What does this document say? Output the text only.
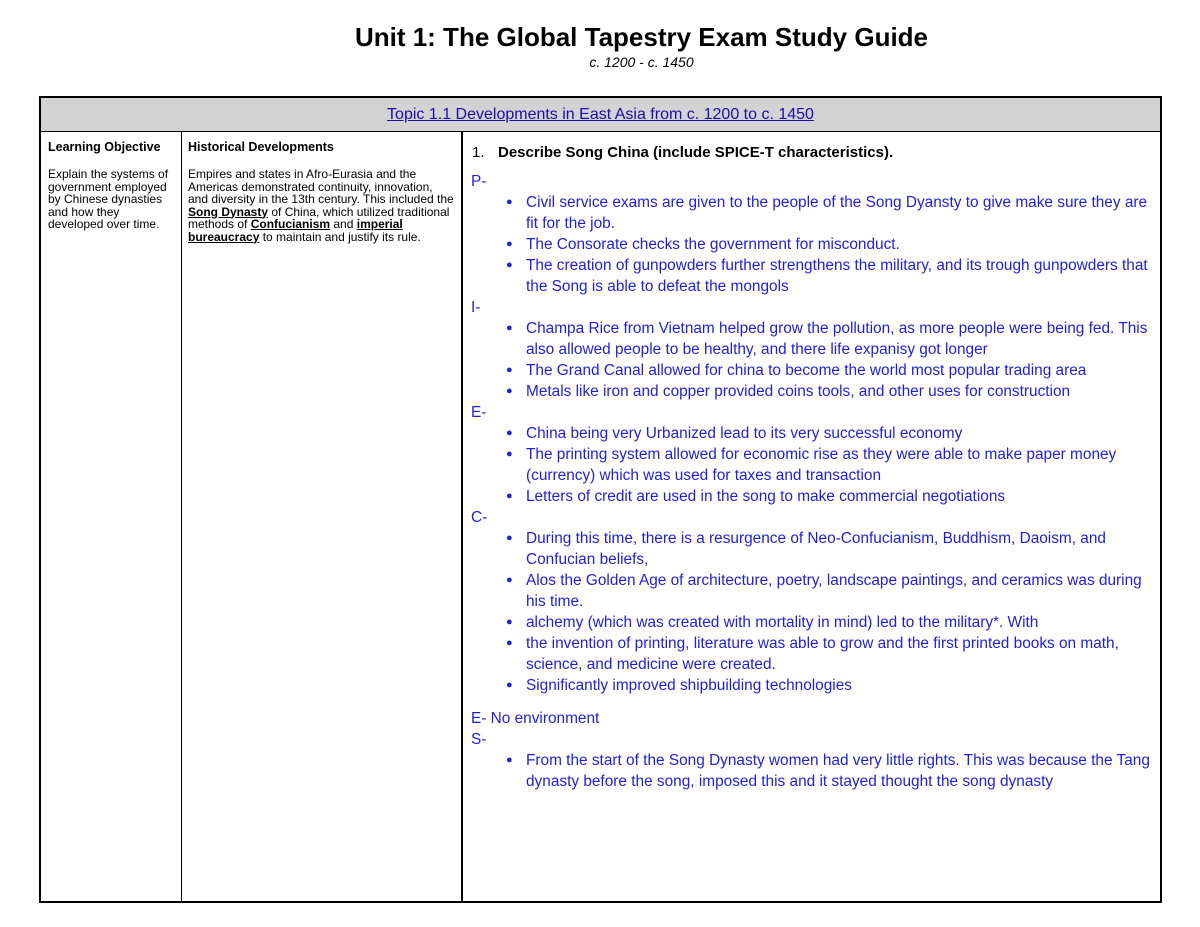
Unit 1: The Global Tapestry Exam Study Guide
c. 1200 - c. 1450
Topic 1.1 Developments in East Asia from c. 1200 to c. 1450
Learning Objective
Explain the systems of government employed by Chinese dynasties and how they developed over time.
Historical Developments
Empires and states in Afro-Eurasia and the Americas demonstrated continuity, innovation, and diversity in the 13th century. This included the Song Dynasty of China, which utilized traditional methods of Confucianism and imperial bureaucracy to maintain and justify its rule.
1. Describe Song China (include SPICE-T characteristics).
P-
● Civil service exams are given to the people of the Song Dyansty to give make sure they are fit for the job.
● The Consorate checks the government for misconduct.
● The creation of gunpowders further strengthens the military, and its trough gunpowders that the Song is able to defeat the mongols
I-
● Champa Rice from Vietnam helped grow the pollution, as more people were being fed. This also allowed people to be healthy, and there life expanisy got longer
● The Grand Canal allowed for china to become the world most popular trading area
● Metals like iron and copper provided coins tools, and other uses for construction
E-
● China being very Urbanized lead to its very successful economy
● The printing system allowed for economic rise as they were able to make paper money (currency) which was used for taxes and transaction
● Letters of credit are used in the song to make commercial negotiations
C-
● During this time, there is a resurgence of Neo-Confucianism, Buddhism, Daoism, and Confucian beliefs,
● Alos the Golden Age of architecture, poetry, landscape paintings, and ceramics was during his time.
● alchemy (which was created with mortality in mind) led to the military*. With
● the invention of printing, literature was able to grow and the first printed books on math, science, and medicine were created.
● Significantly improved shipbuilding technologies
E- No environment
S-
● From the start of the Song Dynasty women had very little rights. This was because the Tang dynasty before the song, imposed this and it stayed thought the song dynasty
